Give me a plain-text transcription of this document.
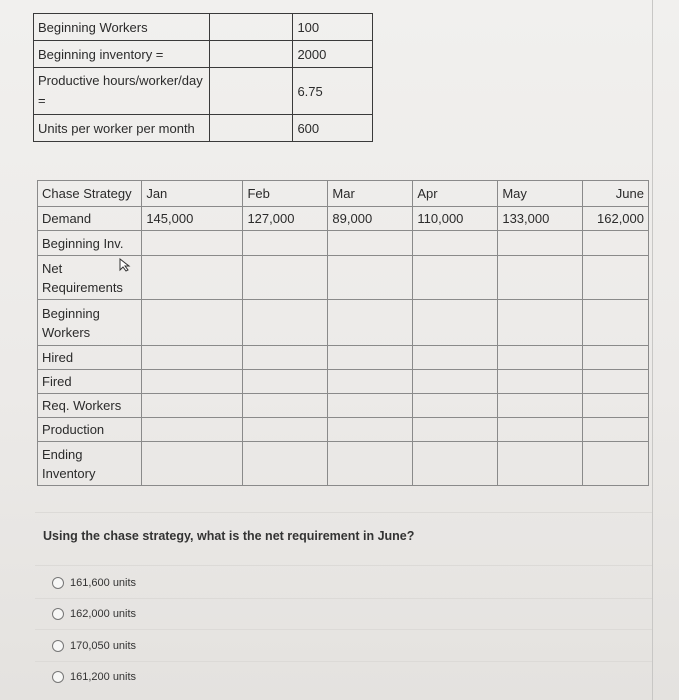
Beginning Workers		100
Beginning inventory =		2000
Productive hours/worker/day =		6.75
Units per worker per month		600
Chase Strategy	Jan	Feb	Mar	Apr	May	June
Demand	145,000	127,000	89,000	110,000	133,000	162,000
Beginning Inv.						
Net Requirements						
Beginning Workers						
Hired						
Fired						
Req. Workers						
Production						
Ending Inventory						
Using the chase strategy, what is the net requirement in June?
161,600 units
162,000 units
170,050 units
161,200 units
